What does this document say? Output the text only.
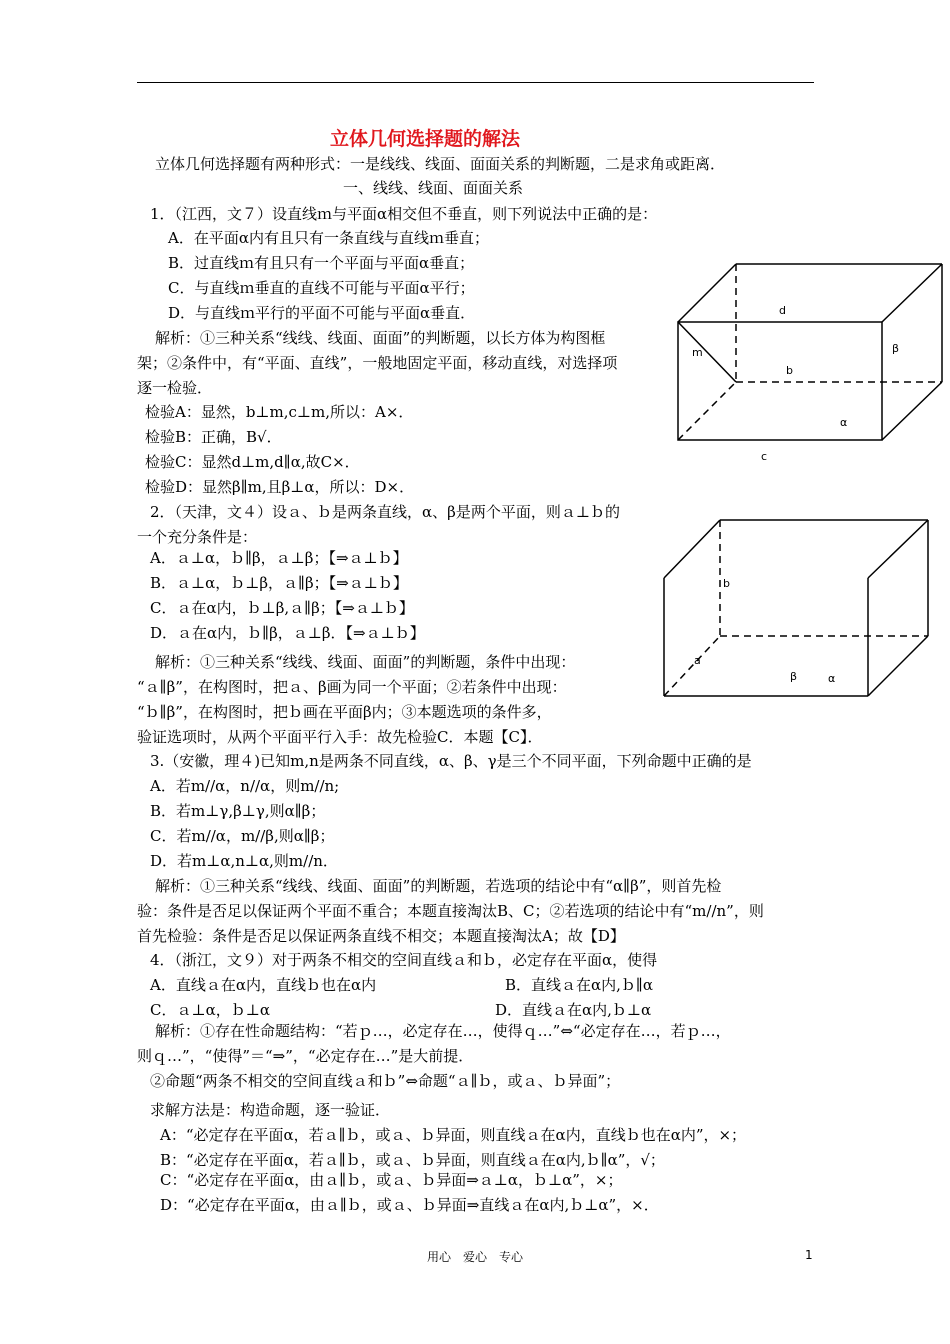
立体几何选择题的解法
立体几何选择题有两种形式：一是线线、线面、面面关系的判断题，二是求角或距离．
一、线线、线面、面面关系
1．（江西，文７）设直线ｍ与平面α相交但不垂直，则下列说法中正确的是：
A．在平面α内有且只有一条直线与直线ｍ垂直；
B．过直线ｍ有且只有一个平面与平面α垂直；
C．与直线ｍ垂直的直线不可能与平面α平行；
D．与直线ｍ平行的平面不可能与平面α垂直．
解析：①三种关系“线线、线面、面面”的判断题，以长方体为构图框
架；②条件中，有“平面、直线”，一般地固定平面，移动直线，对选择项
逐一检验．
检验A：显然，b⊥m,c⊥m,所以：A×．
检验B：正确，B√．
检验C：显然d⊥m,d∥α,故C×．
检验D：显然β∥m,且β⊥α，所以：D×．
d
m	β
b
α
c
2．（天津，文４）设ａ、ｂ是两条直线，α、β是两个平面，则ａ⊥ｂ的
一个充分条件是：
A．ａ⊥α，ｂ∥β，ａ⊥β；【⇒ａ⊥ｂ】
B．ａ⊥α，ｂ⊥β，ａ∥β；【⇒ａ⊥ｂ】
C．ａ在α内，ｂ⊥β,ａ∥β；【⇒ａ⊥ｂ】
D．ａ在α内，ｂ∥β，ａ⊥β．【⇒ａ⊥ｂ】
解析：①三种关系“线线、线面、面面”的判断题，条件中出现：
“ａ∥β”，在构图时，把ａ、β画为同一个平面；②若条件中出现：
“ｂ∥β”，在构图时，把ｂ画在平面β内；③本题选项的条件多，
验证选项时，从两个平面平行入手：故先检验C．本题【C】．
b
a
β	α
3.（安徽，理４)已知m,n是两条不同直线，α、β、γ是三个不同平面，下列命题中正确的是
A．若m//α，n//α，则m//n;
B．若m⊥γ,β⊥γ,则α∥β；
C．若m//α，m//β,则α∥β；
D．若m⊥α,n⊥α,则m//n．
解析：①三种关系“线线、线面、面面”的判断题，若选项的结论中有“α∥β”，则首先检
验：条件是否足以保证两个平面不重合；本题直接淘汰B、C；②若选项的结论中有“m//n”，则
首先检验：条件是否足以保证两条直线不相交；本题直接淘汰A；故【D】
4．（浙江，文９）对于两条不相交的空间直线ａ和ｂ，必定存在平面α，使得
A．直线ａ在α内，直线ｂ也在α内	B．直线ａ在α内,ｂ∥α
C．ａ⊥α，ｂ⊥α	D．直线ａ在α内,ｂ⊥α
解析：①存在性命题结构：“若ｐ…，必定存在…，使得ｑ…”⇔“必定存在…，若ｐ…，
则ｑ…”，“使得”＝“⇒”，“必定存在…”是大前提．
②命题“两条不相交的空间直线ａ和ｂ”⇔命题“ａ∥ｂ，或ａ、ｂ异面”；
求解方法是：构造命题，逐一验证．
A：“必定存在平面α，若ａ∥ｂ，或ａ、ｂ异面，则直线ａ在α内，直线ｂ也在α内”，×；
B：“必定存在平面α，若ａ∥ｂ，或ａ、ｂ异面，则直线ａ在α内,ｂ∥α”，√；
C：“必定存在平面α，由ａ∥ｂ，或ａ、ｂ异面⇒ａ⊥α，ｂ⊥α”，×；
D：“必定存在平面α，由ａ∥ｂ，或ａ、ｂ异面⇒直线ａ在α内,ｂ⊥α”，×．
用心　爱心　专心	1
